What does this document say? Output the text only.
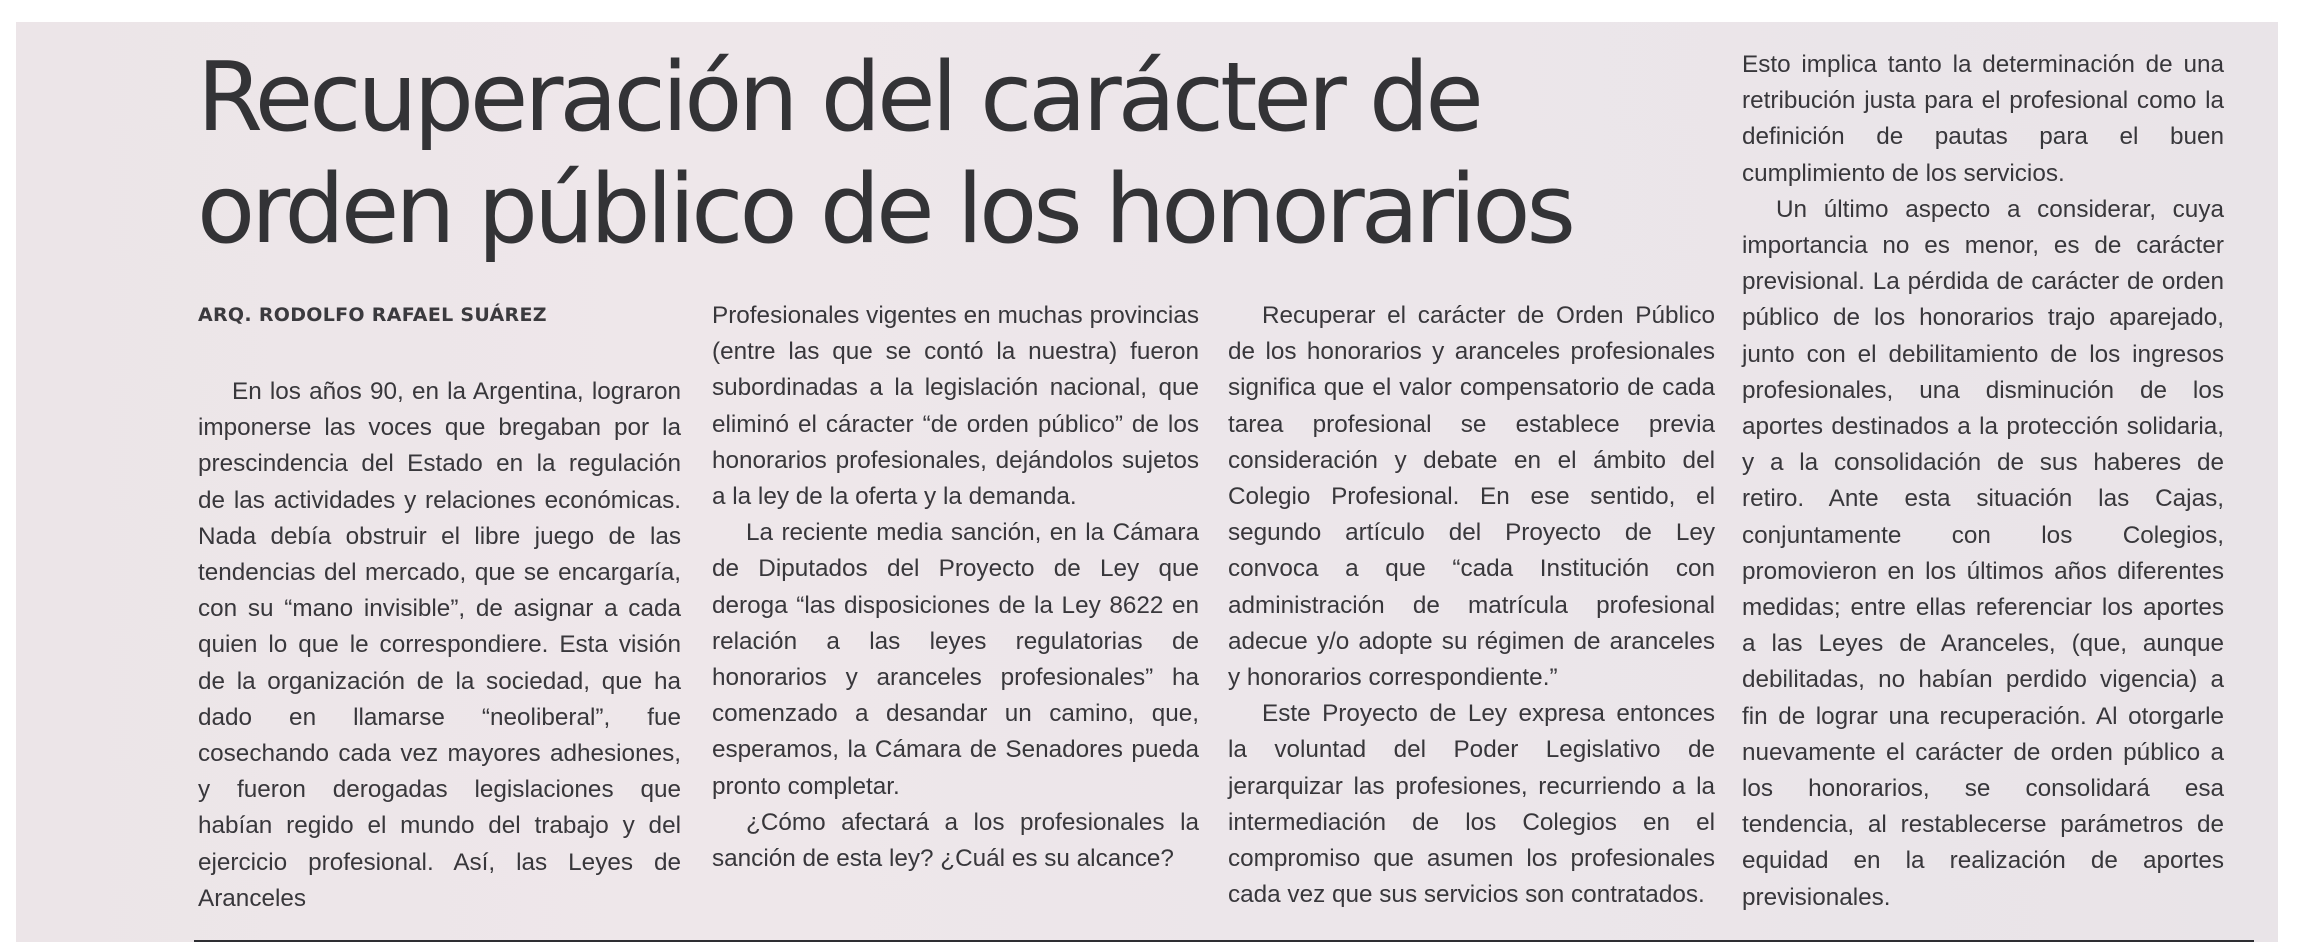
Recuperación del carácter de
orden público de los honorarios
ARQ. RODOLFO RAFAEL SUÁREZ

En los años 90, en la Argentina, lograron imponerse las voces que bregaban por la prescindencia del Estado en la regulación de las actividades y relaciones económicas. Nada debía obstruir el libre juego de las tendencias del mercado, que se encargaría, con su “mano invisible”, de asignar a cada quien lo que le correspondiere. Esta visión de la organización de la sociedad, que ha dado en llamarse “neoliberal”, fue cosechando cada vez mayores adhesiones, y fueron derogadas legislaciones que habían regido el mundo del trabajo y del ejercicio profesional. Así, las Leyes de Aranceles

Profesionales vigentes en muchas provincias (entre las que se contó la nuestra) fueron subordinadas a la legislación nacional, que eliminó el cáracter “de orden público” de los honorarios profesionales, dejándolos sujetos a la ley de la oferta y la demanda.

La reciente media sanción, en la Cámara de Diputados del Proyecto de Ley que deroga “las disposiciones de la Ley 8622 en relación a las leyes regulatorias de honorarios y aranceles profesionales” ha comenzado a desandar un camino, que, esperamos, la Cámara de Senadores pueda pronto completar.

¿Cómo afectará a los profesionales la sanción de esta ley? ¿Cuál es su alcance?

Recuperar el carácter de Orden Público de los honorarios y aranceles profesionales significa que el valor compensatorio de cada tarea profesional se establece previa consideración y debate en el ámbito del Colegio Profesional. En ese sentido, el segundo artículo del Proyecto de Ley convoca a que “cada Institución con administración de matrícula profesional adecue y/o adopte su régimen de aranceles y honorarios correspondiente.”

Este Proyecto de Ley expresa entonces la voluntad del Poder Legislativo de jerarquizar las profesiones, recurriendo a la intermediación de los Colegios en el compromiso que asumen los profesionales cada vez que sus servicios son contratados.

Esto implica tanto la determinación de una retribución justa para el profesional como la definición de pautas para el buen cumplimiento de los servicios.

Un último aspecto a considerar, cuya importancia no es menor, es de carácter previsional. La pérdida de carácter de orden público de los honorarios trajo aparejado, junto con el debilitamiento de los ingresos profesionales, una disminución de los aportes destinados a la protección solidaria, y a la consolidación de sus haberes de retiro. Ante esta situación las Cajas, conjuntamente con los Colegios, promovieron en los últimos años diferentes medidas; entre ellas referenciar los aportes a las Leyes de Aranceles, (que, aunque debilitadas, no habían perdido vigencia) a fin de lograr una recuperación. Al otorgarle nuevamente el carácter de orden público a los honorarios, se consolidará esa tendencia, al restablecerse parámetros de equidad en la realización de aportes previsionales.
